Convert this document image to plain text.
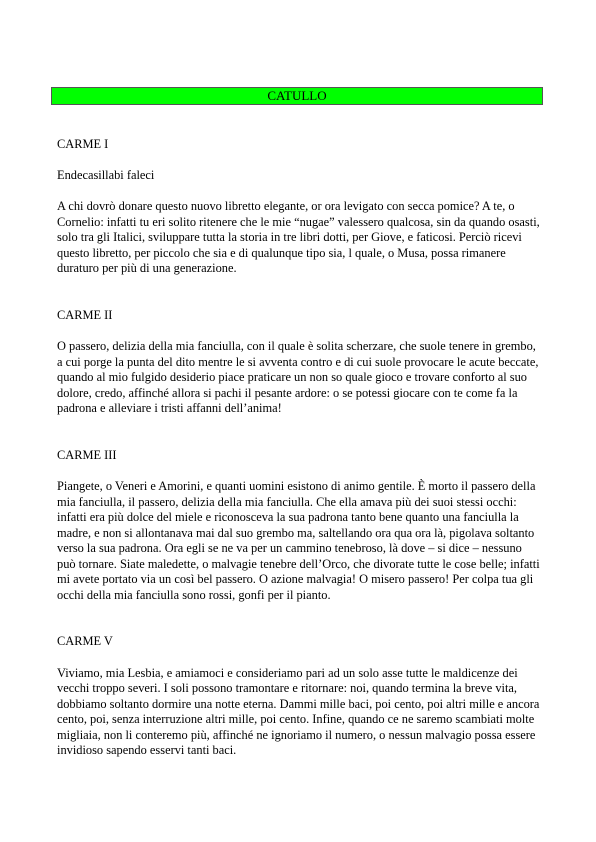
CATULLO

CARME I

Endecasillabi faleci

A chi dovrò donare questo nuovo libretto elegante, or ora levigato con secca pomice? A te, o Cornelio: infatti tu eri solito ritenere che le mie “nugae” valessero qualcosa, sin da quando osasti, solo tra gli Italici, sviluppare tutta la storia in tre libri dotti, per Giove, e faticosi. Perciò ricevi questo libretto, per piccolo che sia e di qualunque tipo sia, l quale, o Musa, possa rimanere duraturo per più di una generazione.

CARME II

O passero, delizia della mia fanciulla, con il quale è solita scherzare, che suole tenere in grembo, a cui porge la punta del dito mentre le si avventa contro e di cui suole provocare le acute beccate, quando al mio fulgido desiderio piace praticare un non so quale gioco e trovare conforto al suo dolore, credo, affinché allora si pachi il pesante ardore: o se potessi giocare con te come fa la padrona e alleviare i tristi affanni dell’anima!

CARME III

Piangete, o Veneri e Amorini, e quanti uomini esistono di animo gentile. È morto il passero della mia fanciulla, il passero, delizia della mia fanciulla. Che ella amava più dei suoi stessi occhi: infatti era più dolce del miele e riconosceva la sua padrona tanto bene quanto una fanciulla la madre, e non si allontanava mai dal suo grembo ma, saltellando ora qua ora là, pigolava soltanto verso la sua padrona. Ora egli se ne va per un cammino tenebroso, là dove – si dice – nessuno può tornare. Siate maledette, o malvagie tenebre dell’Orco, che divorate tutte le cose belle; infatti mi avete portato via un così bel passero. O azione malvagia! O misero passero! Per colpa tua gli occhi della mia fanciulla sono rossi, gonfi per il pianto.

CARME V

Viviamo, mia Lesbia, e amiamoci e consideriamo pari ad un solo asse tutte le maldicenze dei vecchi troppo severi. I soli possono tramontare e ritornare: noi, quando termina la breve vita, dobbiamo soltanto dormire una notte eterna. Dammi mille baci, poi cento, poi altri mille e ancora cento, poi, senza interruzione altri mille, poi cento. Infine, quando ce ne saremo scambiati molte migliaia, non li conteremo più, affinché ne ignoriamo il numero, o nessun malvagio possa essere invidioso sapendo esservi tanti baci.
